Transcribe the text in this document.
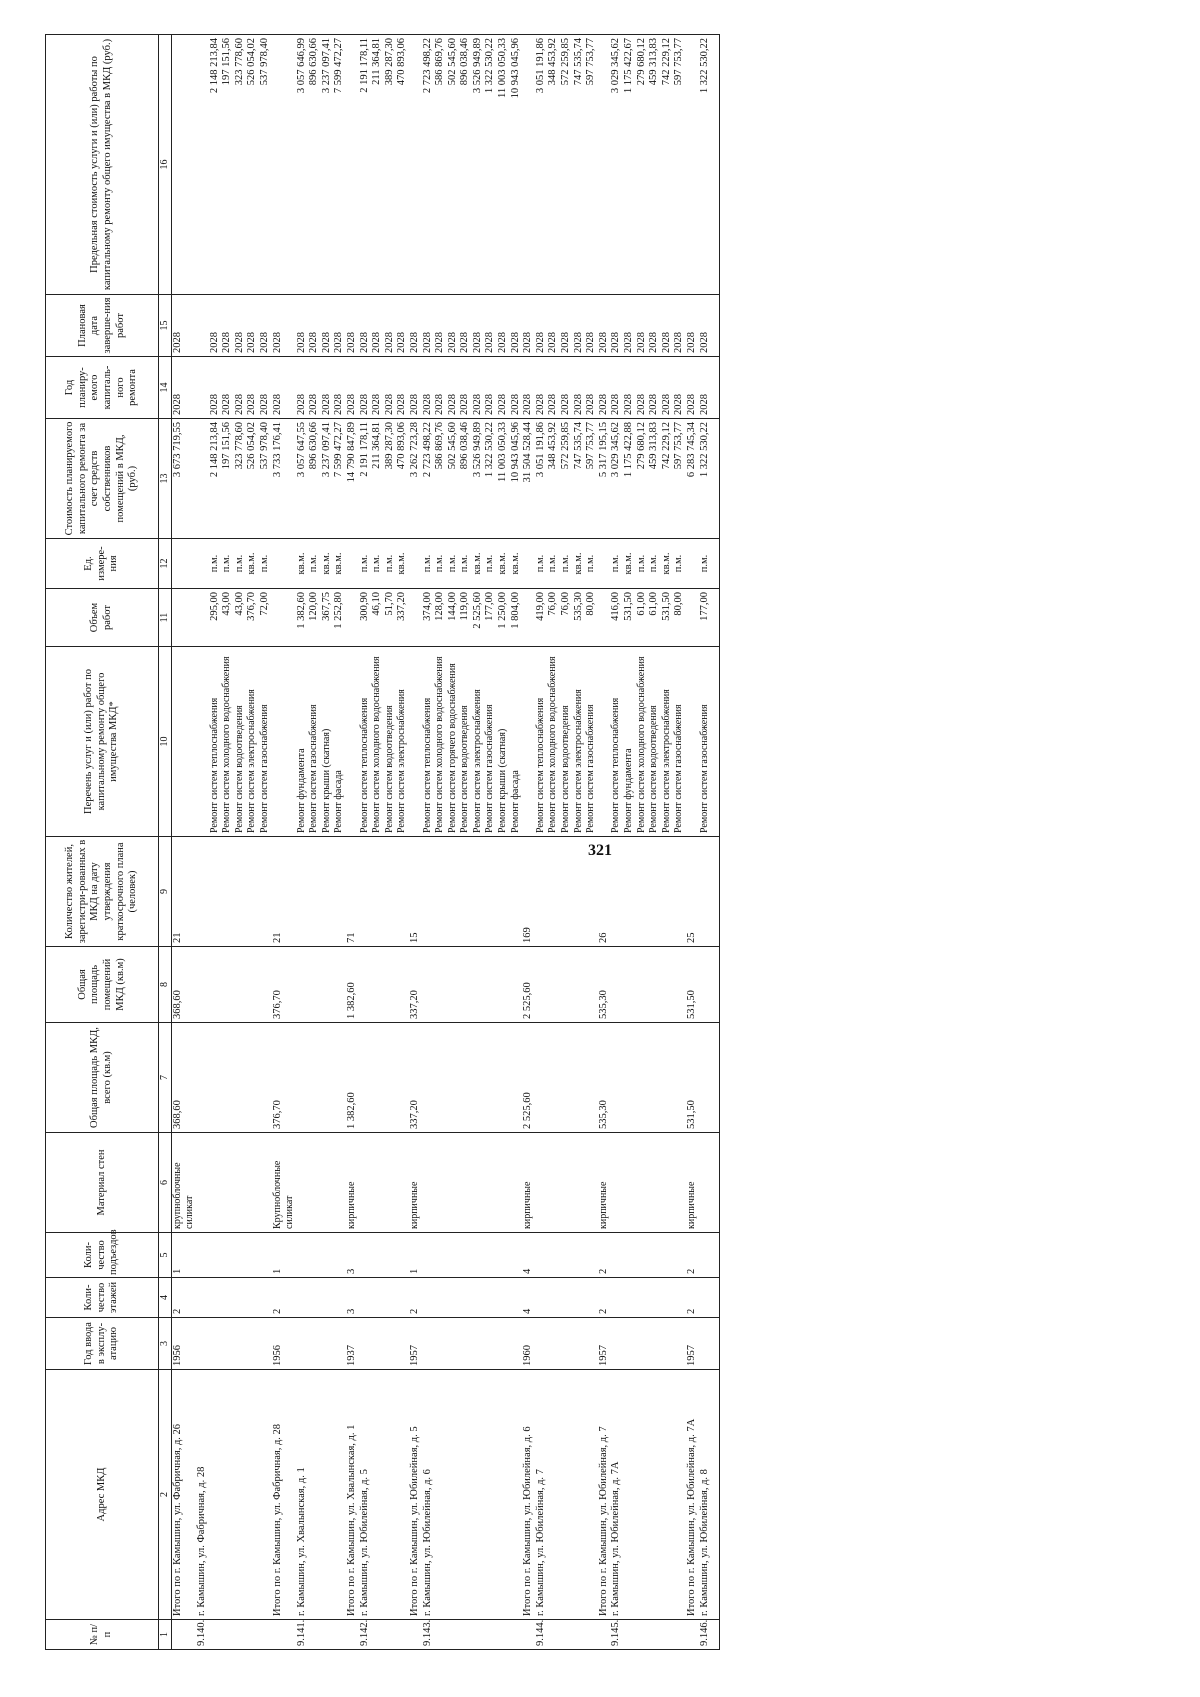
321
№ п/п	Адрес МКД	Год ввода в эксплу-атацию	Коли-чество этажей	Коли-чество подъездов	Материал стен	Общая площадь МКД, всего (кв.м)	Общая площадь помещений МКД (кв.м)	Количество жителей, зарегистри-рованных в МКД на дату утверждения краткосрочного плана (человек)	Перечень услуг и (или) работ по капитальному ремонту общего имущества МКД*	Объем работ	Ед. измере-ния	Стоимость планируемого капитального ремонта за счет средств собственников помещений в МКД, (руб.)	Год планиру-емого капиталь-ного ремонта	Плановая дата заверше-ния работ	Предельная стоимость услуги и (или) работы по капитальному ремонту общего имущества в МКД (руб.)
1	2	3	4	5	6	7	8	9	10	11	12	13	14	15	16
	Итого по г. Камышин, ул. Фабричная, д. 26	1956	2	1	крупноблочные силикат	368,60	368,60	21				3 673 719,55	2028	2028	
9.140.	г. Камышин, ул. Фабричная, д. 28														
									Ремонт систем теплоснабжения	295,00	п.м.	2 148 213,84	2028	2028	2 148 213,84
									Ремонт систем холодного водоснабжения	43,00	п.м.	197 151,56	2028	2028	197 151,56
									Ремонт систем водоотведения	43,00	п.м.	323 778,60	2028	2028	323 778,60
									Ремонт систем электроснабжения	376,70	кв.м.	526 054,02	2028	2028	526 054,02
									Ремонт систем газоснабжения	72,00	п.м.	537 978,40	2028	2028	537 978,40
	Итого по г. Камышин, ул. Фабричная, д. 28	1956	2	1	Крупноблочные силикат	376,70	376,70	21				3 733 176,41	2028	2028	
9.141.	г. Камышин, ул. Хвалынская, д. 1								Ремонт фундамента	1 382,60	кв.м.	3 057 647,55	2028	2028	3 057 646,99
									Ремонт систем газоснабжения	120,00	п.м.	896 630,66	2028	2028	896 630,66
									Ремонт крыши (скатная)	367,75	кв.м.	3 237 097,41	2028	2028	3 237 097,41
									Ремонт фасада	1 252,80	кв.м.	7 599 472,27	2028	2028	7 599 472,27
	Итого по г. Камышин, ул. Хвалынская, д. 1	1937	3	3	кирпичные	1 382,60	1 382,60	71				14 790 847,89	2028	2028	
9.142.	г. Камышин, ул. Юбилейная, д. 5								Ремонт систем теплоснабжения	300,90	п.м.	2 191 178,11	2028	2028	2 191 178,11
									Ремонт систем холодного водоснабжения	46,10	п.м.	211 364,81	2028	2028	211 364,81
									Ремонт систем водоотведения	51,70	п.м.	389 287,30	2028	2028	389 287,30
									Ремонт систем электроснабжения	337,20	кв.м.	470 893,06	2028	2028	470 893,06
	Итого по г. Камышин, ул. Юбилейная, д. 5	1957	2	1	кирпичные	337,20	337,20	15				3 262 723,28	2028	2028	
9.143.	г. Камышин, ул. Юбилейная, д. 6								Ремонт систем теплоснабжения	374,00	п.м.	2 723 498,22	2028	2028	2 723 498,22
									Ремонт систем холодного водоснабжения	128,00	п.м.	586 869,76	2028	2028	586 869,76
									Ремонт систем горячего водоснабжения	144,00	п.м.	502 545,60	2028	2028	502 545,60
									Ремонт систем водоотведения	119,00	п.м.	896 038,46	2028	2028	896 038,46
									Ремонт систем электроснабжения	2 525,60	кв.м.	3 526 949,89	2028	2028	3 526 949,89
									Ремонт систем газоснабжения	177,00	п.м.	1 322 530,22	2028	2028	1 322 530,22
									Ремонт крыши (скатная)	1 250,00	кв.м.	11 003 050,33	2028	2028	11 003 050,33
									Ремонт фасада	1 804,00	кв.м.	10 943 045,96	2028	2028	10 943 045,96
	Итого по г. Камышин, ул. Юбилейная, д. 6	1960	4	4	кирпичные	2 525,60	2 525,60	169				31 504 528,44	2028	2028	
9.144.	г. Камышин, ул. Юбилейная, д. 7								Ремонт систем теплоснабжения	419,00	п.м.	3 051 191,86	2028	2028	3 051 191,86
									Ремонт систем холодного водоснабжения	76,00	п.м.	348 453,92	2028	2028	348 453,92
									Ремонт систем водоотведения	76,00	п.м.	572 259,85	2028	2028	572 259,85
									Ремонт систем электроснабжения	535,30	кв.м.	747 535,74	2028	2028	747 535,74
									Ремонт систем газоснабжения	80,00	п.м.	597 753,77	2028	2028	597 753,77
	Итого по г. Камышин, ул. Юбилейная, д. 7	1957	2	2	кирпичные	535,30	535,30	26				5 317 195,15	2028	2028	
9.145.	г. Камышин, ул. Юбилейная, д. 7А								Ремонт систем теплоснабжения	416,00	п.м.	3 029 345,62	2028	2028	3 029 345,62
									Ремонт фундамента	531,50	кв.м.	1 175 422,88	2028	2028	1 175 422,67
									Ремонт систем холодного водоснабжения	61,00	п.м.	279 680,12	2028	2028	279 680,12
									Ремонт систем водоотведения	61,00	п.м.	459 313,83	2028	2028	459 313,83
									Ремонт систем электроснабжения	531,50	кв.м.	742 229,12	2028	2028	742 229,12
									Ремонт систем газоснабжения	80,00	п.м.	597 753,77	2028	2028	597 753,77
	Итого по г. Камышин, ул. Юбилейная, д. 7А	1957	2	2	кирпичные	531,50	531,50	25				6 283 745,34	2028	2028	
9.146.	г. Камышин, ул. Юбилейная, д. 8								Ремонт систем газоснабжения	177,00	п.м.	1 322 530,22	2028	2028	1 322 530,22
